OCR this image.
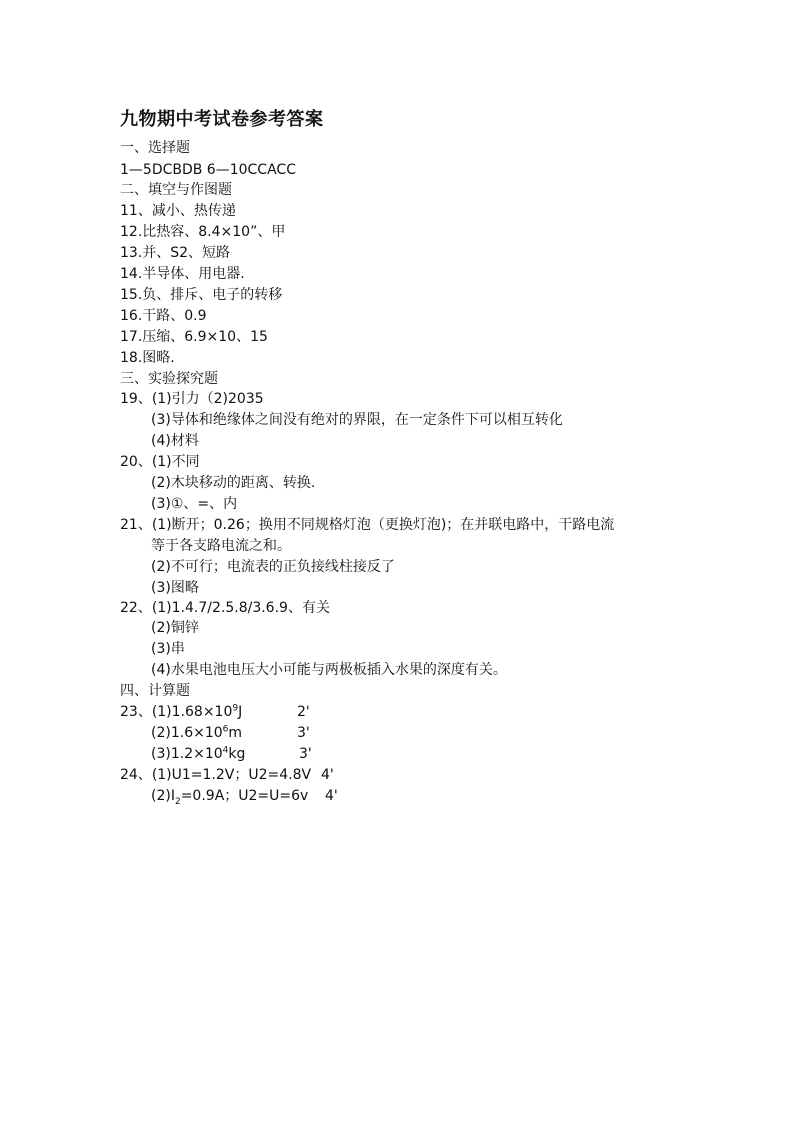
九物期中考试卷参考答案
一、选择题
1—5DCBDB 6—10CCACC
二、填空与作图题
11、减小、热传递
12.比热容、8.4×10”、甲
13.并、S2、短路
14.半导体、用电器.
15.负、排斥、电子的转移
16.干路、0.9
17.压缩、6.9×10、15
18.图略.
三、实验探究题
19、(1)引力（2)2035
(3)导体和绝缘体之间没有绝对的界限，在一定条件下可以相互转化
(4)材料
20、(1)不同
(2)木块移动的距离、转换.
(3)①、=、内
21、(1)断开；0.26；换用不同规格灯泡（更换灯泡)；在并联电路中，干路电流
等于各支路电流之和。
(2)不可行；电流表的正负接线柱接反了
(3)图略
22、(1)1.4.7/2.5.8/3.6.9、有关
(2)铜锌
(3)串
(4)水果电池电压大小可能与两极板插入水果的深度有关。
四、计算题
23、$(1)1.68\times 10^9J$	2'
$(2)1.6\times 10^6m$	3'
$(3)1.2\times 10^4kg$	3'
24、(1)U1=1.2V；U2=4.8V 4'
$(2)I_2=0.9A$；U2=U=6v 4'
